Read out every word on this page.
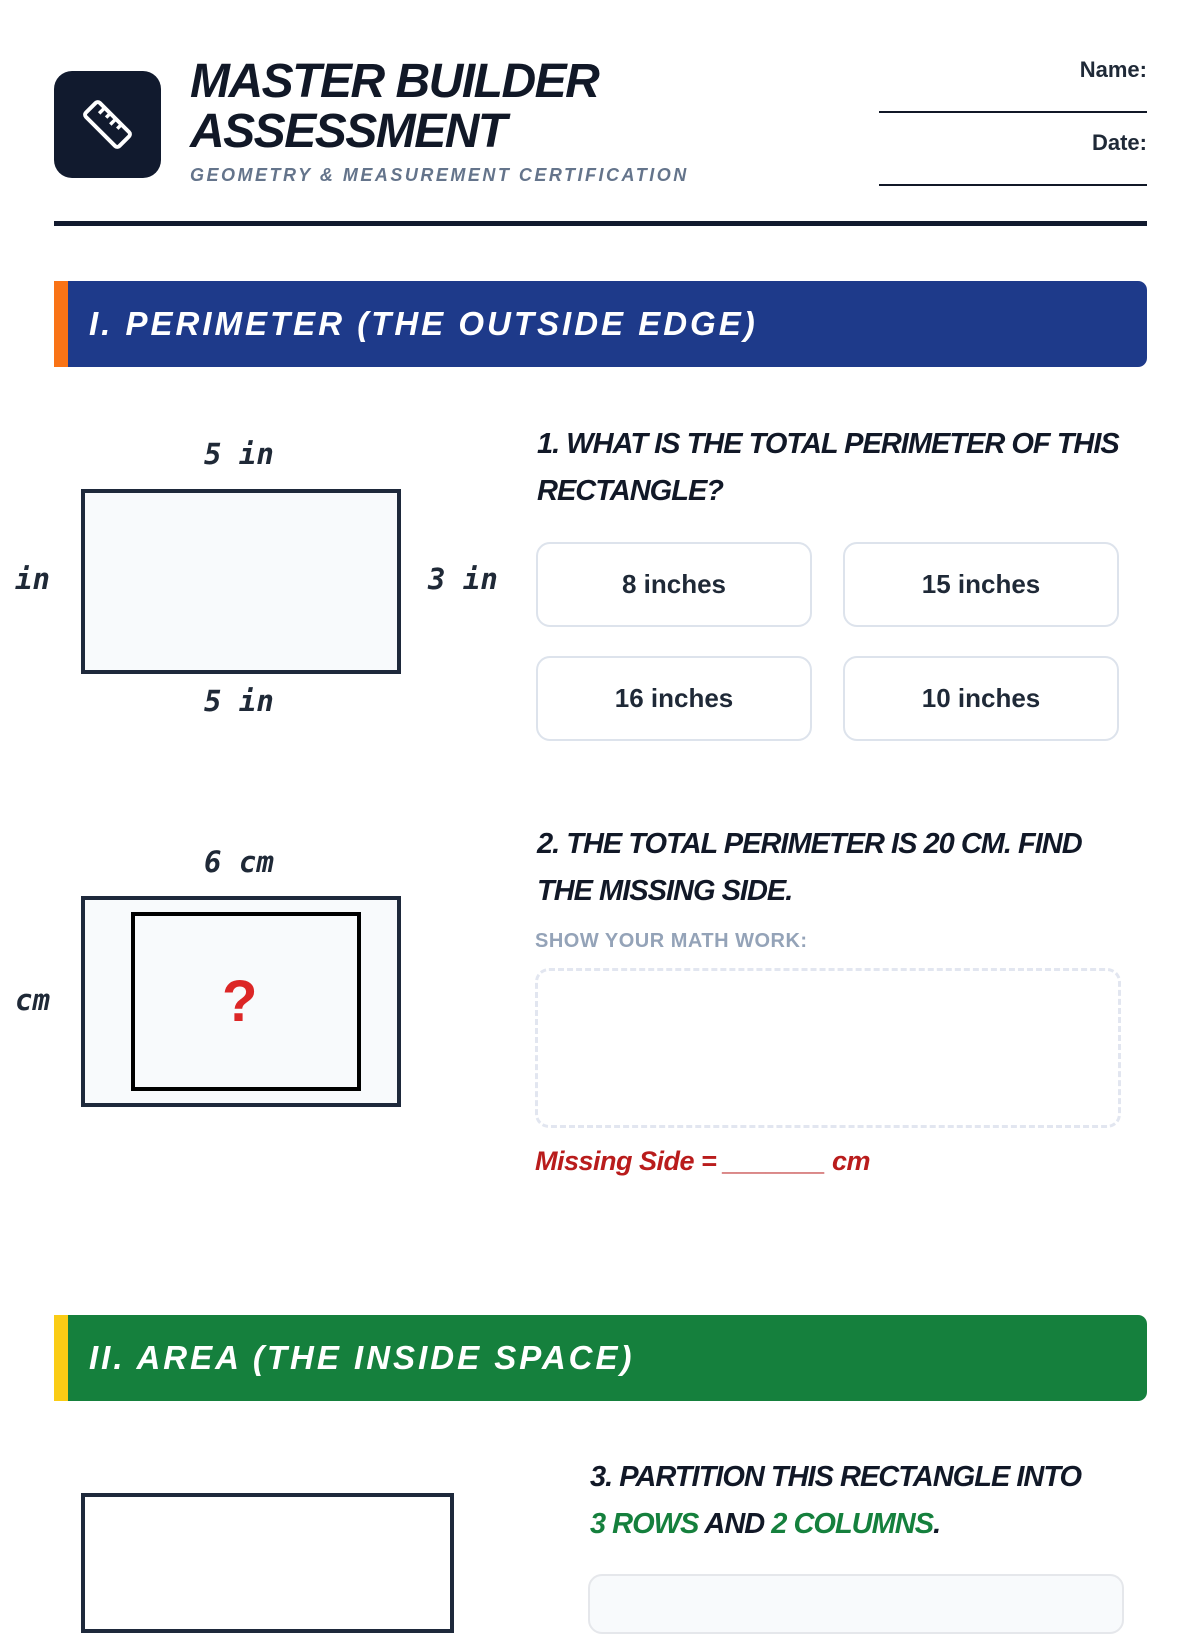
MASTER BUILDER
ASSESSMENT
GEOMETRY & MEASUREMENT CERTIFICATION
Name:
Date:
I. PERIMETER (THE OUTSIDE EDGE)
5 in
in	3 in
5 in
1. WHAT IS THE TOTAL PERIMETER OF THIS RECTANGLE?
8 inches	15 inches
16 inches	10 inches
6 cm
?
cm
2. THE TOTAL PERIMETER IS 20 CM. FIND THE MISSING SIDE.
SHOW YOUR MATH WORK:
Missing Side = _______ cm
II. AREA (THE INSIDE SPACE)
3. PARTITION THIS RECTANGLE INTO
3 ROWS AND 2 COLUMNS.
